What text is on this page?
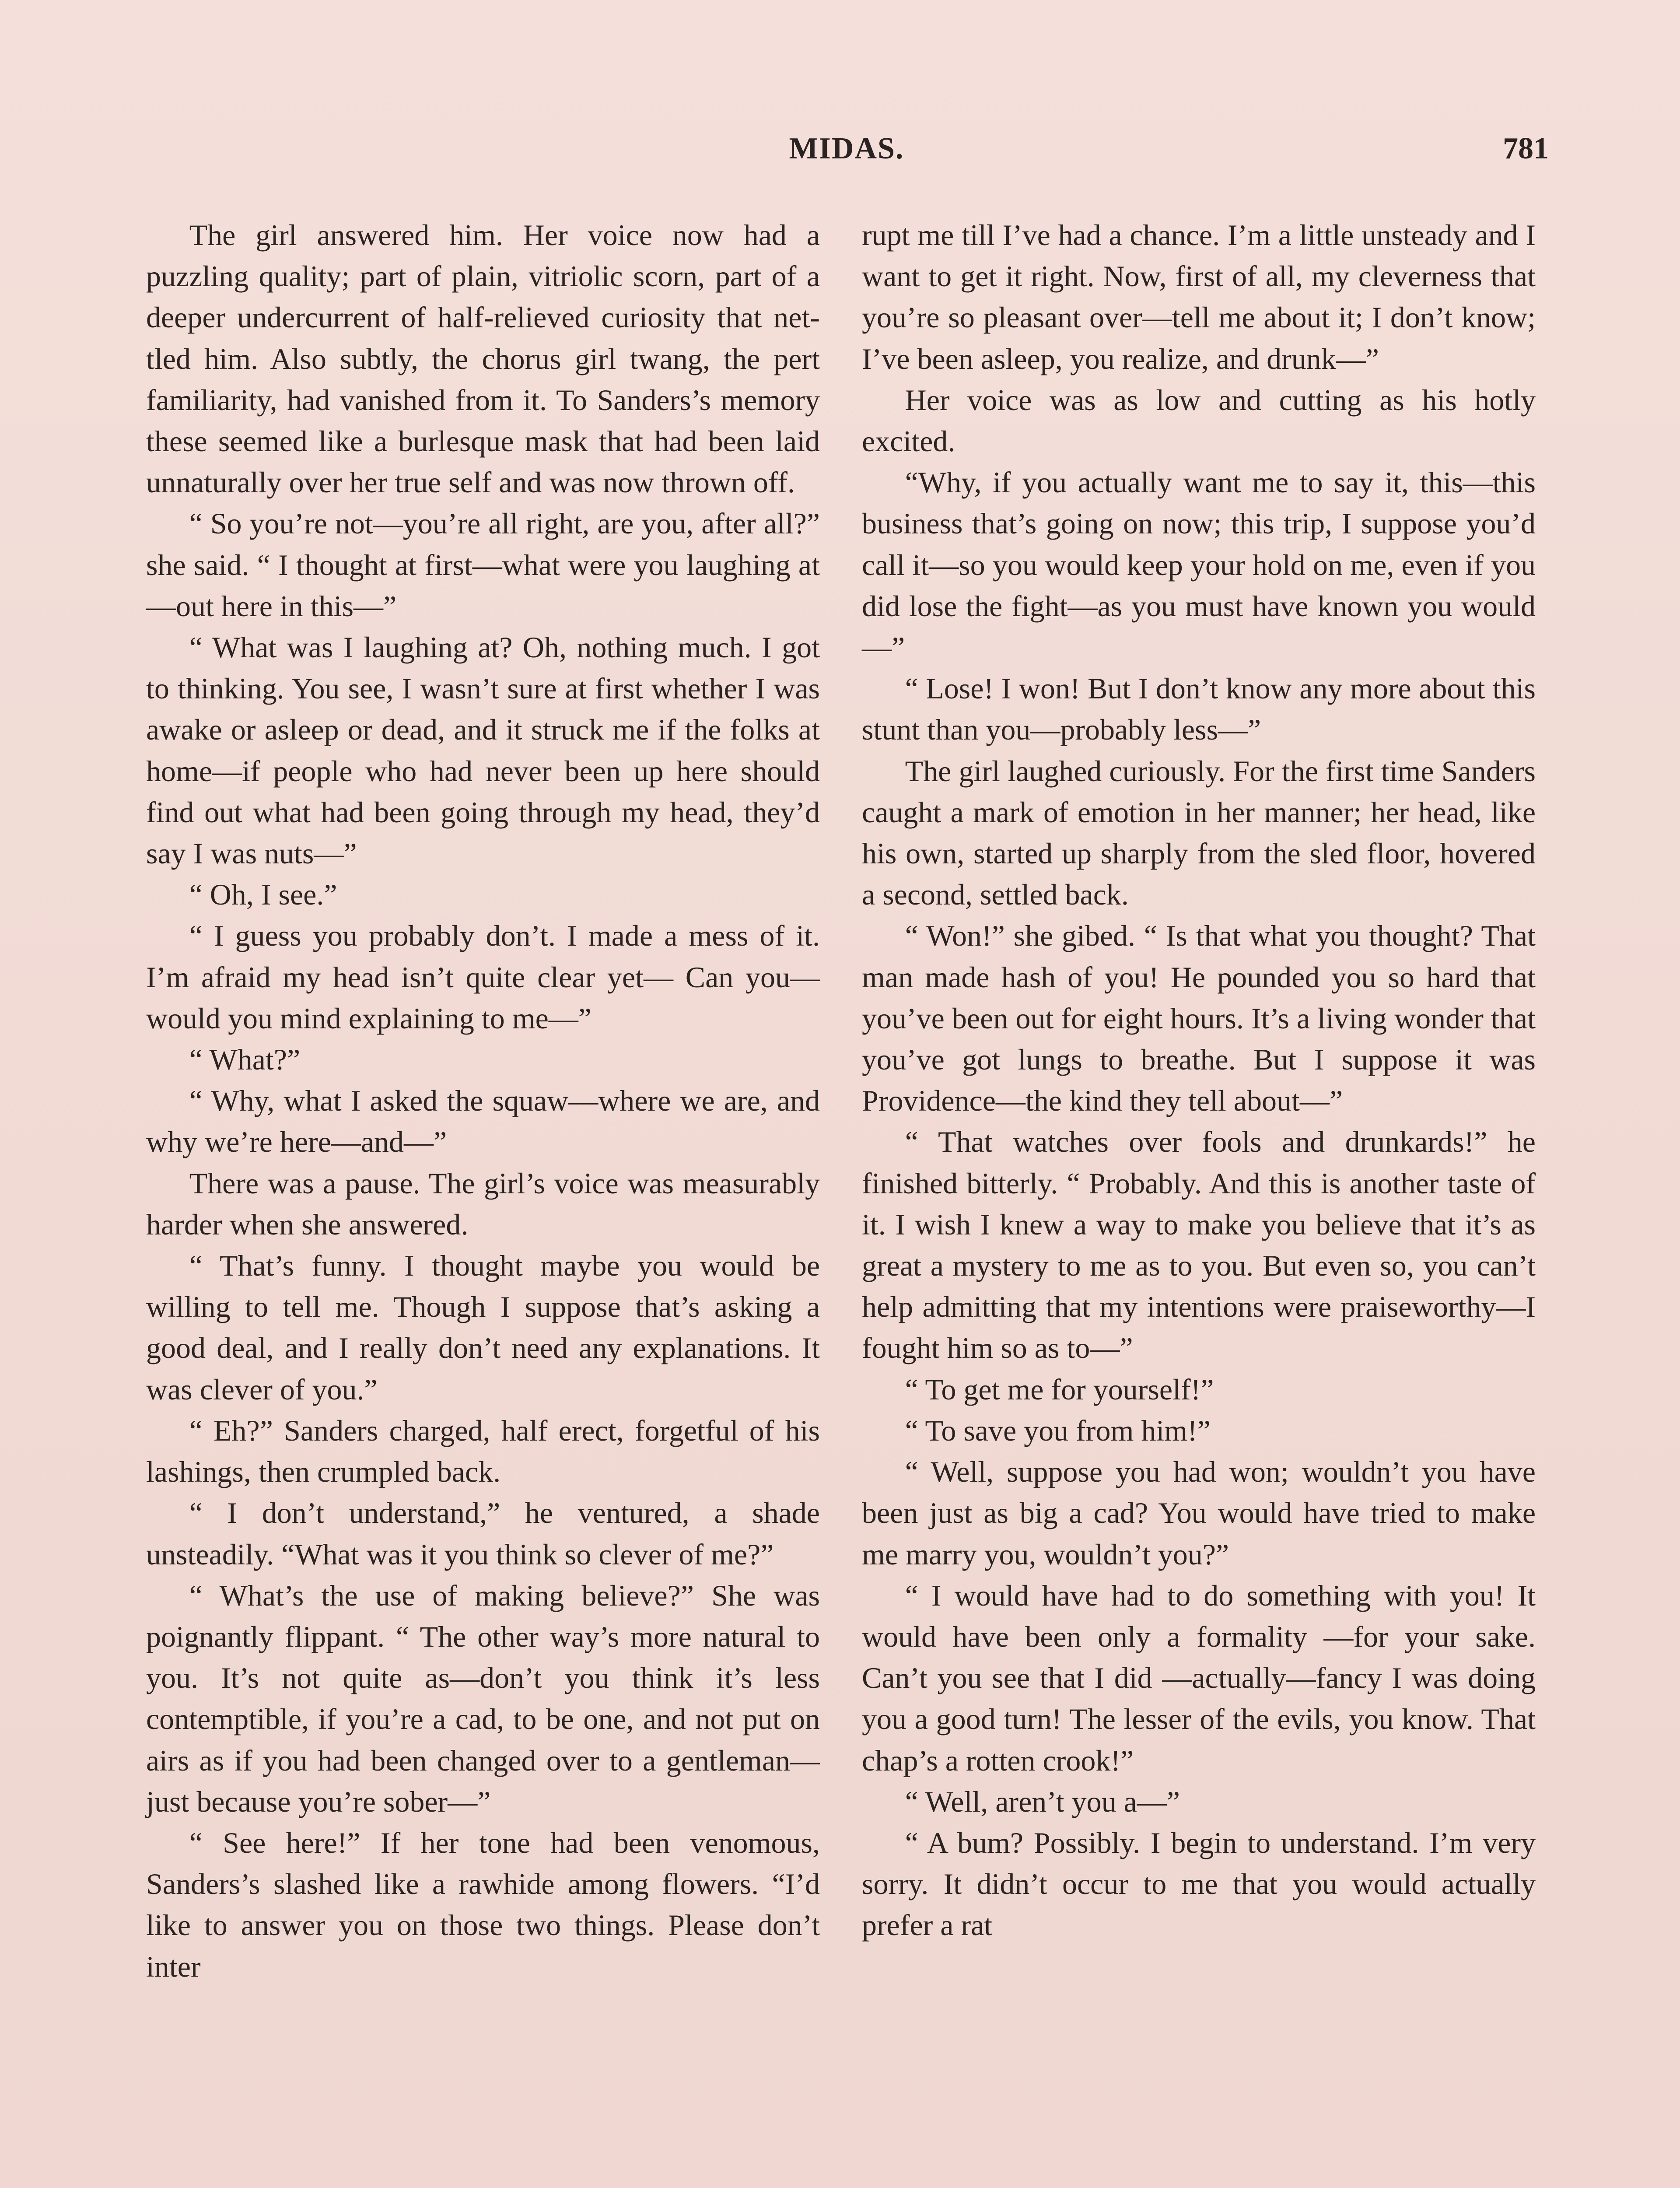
MIDAS.	781

The girl answered him. Her voice now had a puzzling quality; part of plain, vitriolic scorn, part of a deeper undercurrent of half-relieved curiosity that nettled him. Also subtly, the chorus girl twang, the pert familiarity, had vanished from it. To Sanders’s memory these seemed like a burlesque mask that had been laid unnaturally over her true self and was now thrown off.

“ So you’re not—you’re all right, are you, after all?” she said. “ I thought at first—what were you laughing at—out here in this—”

“ What was I laughing at? Oh, nothing much. I got to thinking. You see, I wasn’t sure at first whether I was awake or asleep or dead, and it struck me if the folks at home—if people who had never been up here should find out what had been going through my head, they’d say I was nuts—”

“ Oh, I see.”

“ I guess you probably don’t. I made a mess of it. I’m afraid my head isn’t quite clear yet— Can you—would you mind explaining to me—”

“ What?”

“ Why, what I asked the squaw—where we are, and why we’re here—and—”

There was a pause. The girl’s voice was measurably harder when she answered.

“ That’s funny. I thought maybe you would be willing to tell me. Though I suppose that’s asking a good deal, and I really don’t need any explanations. It was clever of you.”

“ Eh?” Sanders charged, half erect, forgetful of his lashings, then crumpled back.

“ I don’t understand,” he ventured, a shade unsteadily. “What was it you think so clever of me?”

“ What’s the use of making believe?” She was poignantly flippant. “ The other way’s more natural to you. It’s not quite as—don’t you think it’s less contemptible, if you’re a cad, to be one, and not put on airs as if you had been changed over to a gentleman—just because you’re sober—”

“ See here!” If her tone had been venomous, Sanders’s slashed like a rawhide among flowers. “I’d like to answer you on those two things. Please don’t inter

rupt me till I’ve had a chance. I’m a little unsteady and I want to get it right. Now, first of all, my cleverness that you’re so pleasant over—tell me about it; I don’t know; I’ve been asleep, you realize, and drunk—”

Her voice was as low and cutting as his hotly excited.

“Why, if you actually want me to say it, this—this business that’s going on now; this trip, I suppose you’d call it—so you would keep your hold on me, even if you did lose the fight—as you must have known you would—”

“ Lose! I won! But I don’t know any more about this stunt than you—probably less—”

The girl laughed curiously. For the first time Sanders caught a mark of emotion in her manner; her head, like his own, started up sharply from the sled floor, hovered a second, settled back.

“ Won!” she gibed. “ Is that what you thought? That man made hash of you! He pounded you so hard that you’ve been out for eight hours. It’s a living wonder that you’ve got lungs to breathe. But I suppose it was Providence—the kind they tell about—”

“ That watches over fools and drunkards!” he finished bitterly. “ Probably. And this is another taste of it. I wish I knew a way to make you believe that it’s as great a mystery to me as to you. But even so, you can’t help admitting that my intentions were praiseworthy—I fought him so as to—”

“ To get me for yourself!”

“ To save you from him!”

“ Well, suppose you had won; wouldn’t you have been just as big a cad? You would have tried to make me marry you, wouldn’t you?”

“ I would have had to do something with you! It would have been only a formality —for your sake. Can’t you see that I did —actually—fancy I was doing you a good turn! The lesser of the evils, you know. That chap’s a rotten crook!”

“ Well, aren’t you a—”

“ A bum? Possibly. I begin to understand. I’m very sorry. It didn’t occur to me that you would actually prefer a rat
